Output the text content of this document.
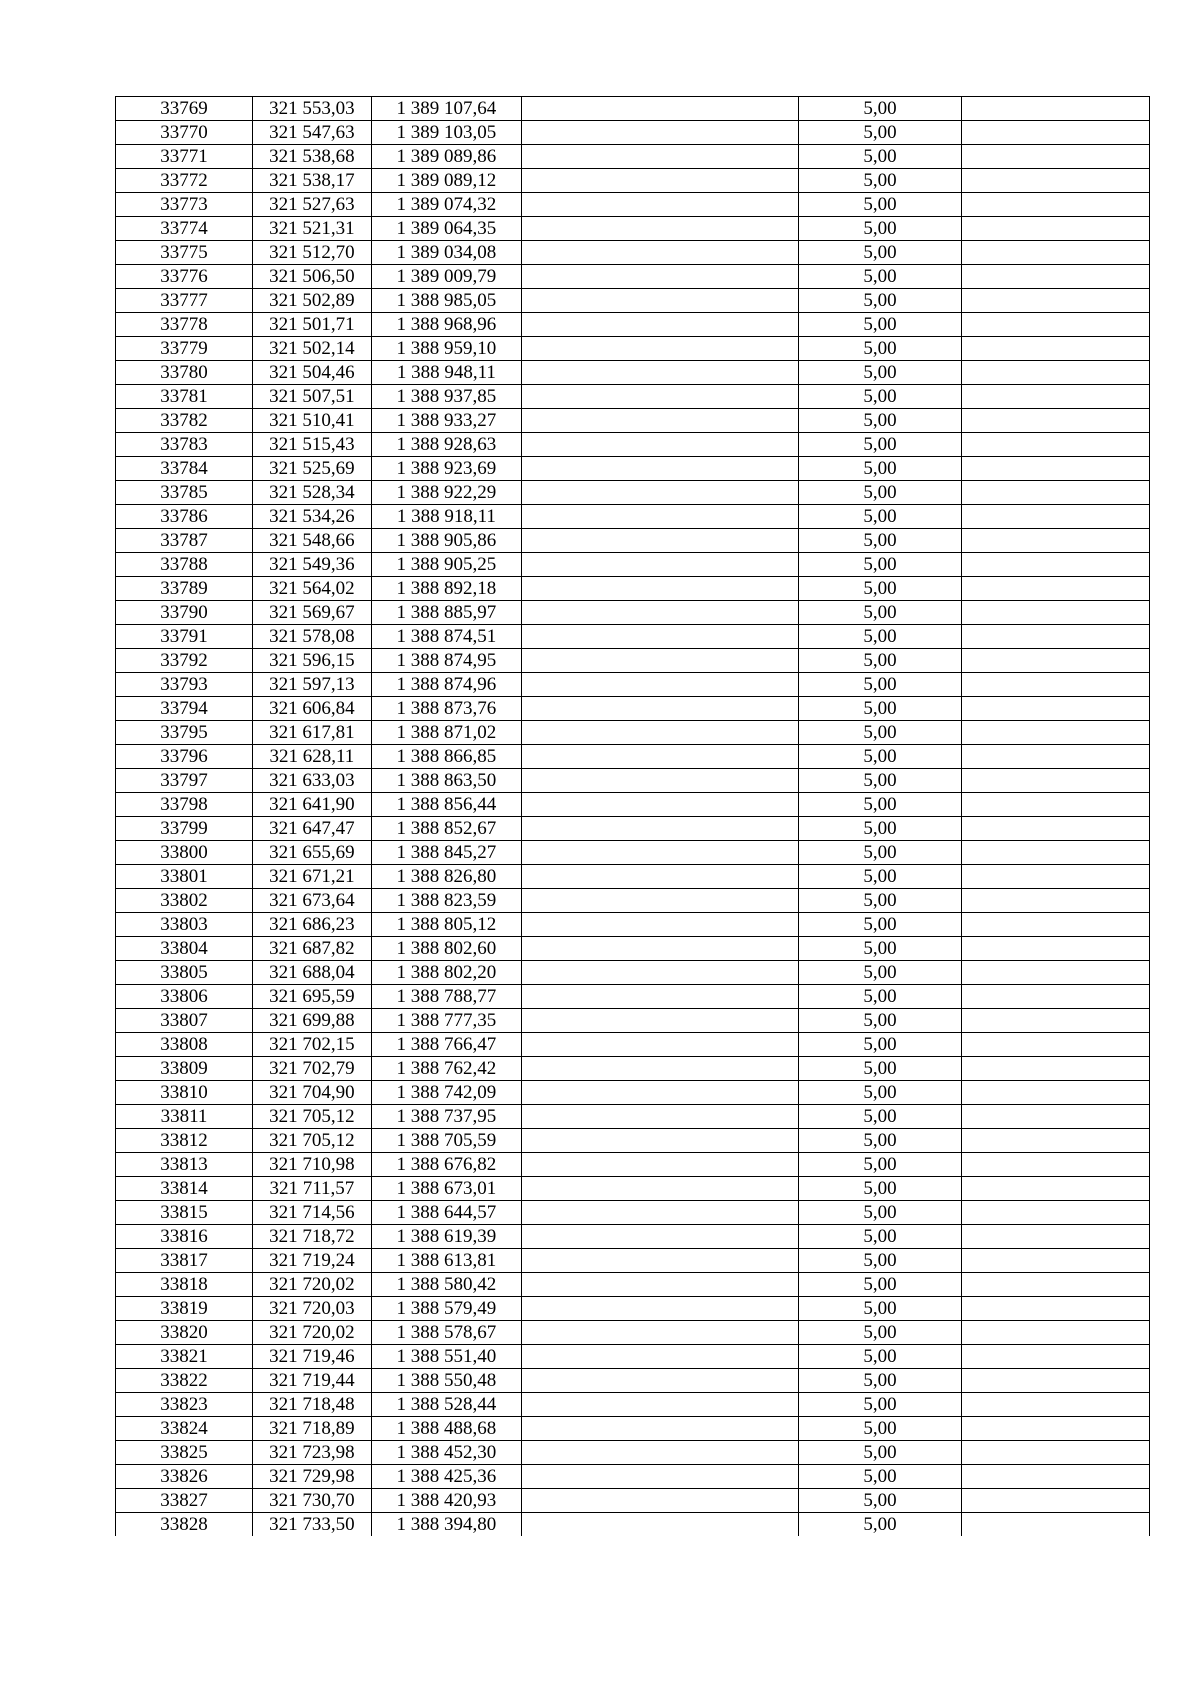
33769	321 553,03	1 389 107,64		5,00	
33770	321 547,63	1 389 103,05		5,00	
33771	321 538,68	1 389 089,86		5,00	
33772	321 538,17	1 389 089,12		5,00	
33773	321 527,63	1 389 074,32		5,00	
33774	321 521,31	1 389 064,35		5,00	
33775	321 512,70	1 389 034,08		5,00	
33776	321 506,50	1 389 009,79		5,00	
33777	321 502,89	1 388 985,05		5,00	
33778	321 501,71	1 388 968,96		5,00	
33779	321 502,14	1 388 959,10		5,00	
33780	321 504,46	1 388 948,11		5,00	
33781	321 507,51	1 388 937,85		5,00	
33782	321 510,41	1 388 933,27		5,00	
33783	321 515,43	1 388 928,63		5,00	
33784	321 525,69	1 388 923,69		5,00	
33785	321 528,34	1 388 922,29		5,00	
33786	321 534,26	1 388 918,11		5,00	
33787	321 548,66	1 388 905,86		5,00	
33788	321 549,36	1 388 905,25		5,00	
33789	321 564,02	1 388 892,18		5,00	
33790	321 569,67	1 388 885,97		5,00	
33791	321 578,08	1 388 874,51		5,00	
33792	321 596,15	1 388 874,95		5,00	
33793	321 597,13	1 388 874,96		5,00	
33794	321 606,84	1 388 873,76		5,00	
33795	321 617,81	1 388 871,02		5,00	
33796	321 628,11	1 388 866,85		5,00	
33797	321 633,03	1 388 863,50		5,00	
33798	321 641,90	1 388 856,44		5,00	
33799	321 647,47	1 388 852,67		5,00	
33800	321 655,69	1 388 845,27		5,00	
33801	321 671,21	1 388 826,80		5,00	
33802	321 673,64	1 388 823,59		5,00	
33803	321 686,23	1 388 805,12		5,00	
33804	321 687,82	1 388 802,60		5,00	
33805	321 688,04	1 388 802,20		5,00	
33806	321 695,59	1 388 788,77		5,00	
33807	321 699,88	1 388 777,35		5,00	
33808	321 702,15	1 388 766,47		5,00	
33809	321 702,79	1 388 762,42		5,00	
33810	321 704,90	1 388 742,09		5,00	
33811	321 705,12	1 388 737,95		5,00	
33812	321 705,12	1 388 705,59		5,00	
33813	321 710,98	1 388 676,82		5,00	
33814	321 711,57	1 388 673,01		5,00	
33815	321 714,56	1 388 644,57		5,00	
33816	321 718,72	1 388 619,39		5,00	
33817	321 719,24	1 388 613,81		5,00	
33818	321 720,02	1 388 580,42		5,00	
33819	321 720,03	1 388 579,49		5,00	
33820	321 720,02	1 388 578,67		5,00	
33821	321 719,46	1 388 551,40		5,00	
33822	321 719,44	1 388 550,48		5,00	
33823	321 718,48	1 388 528,44		5,00	
33824	321 718,89	1 388 488,68		5,00	
33825	321 723,98	1 388 452,30		5,00	
33826	321 729,98	1 388 425,36		5,00	
33827	321 730,70	1 388 420,93		5,00	
33828	321 733,50	1 388 394,80		5,00	
